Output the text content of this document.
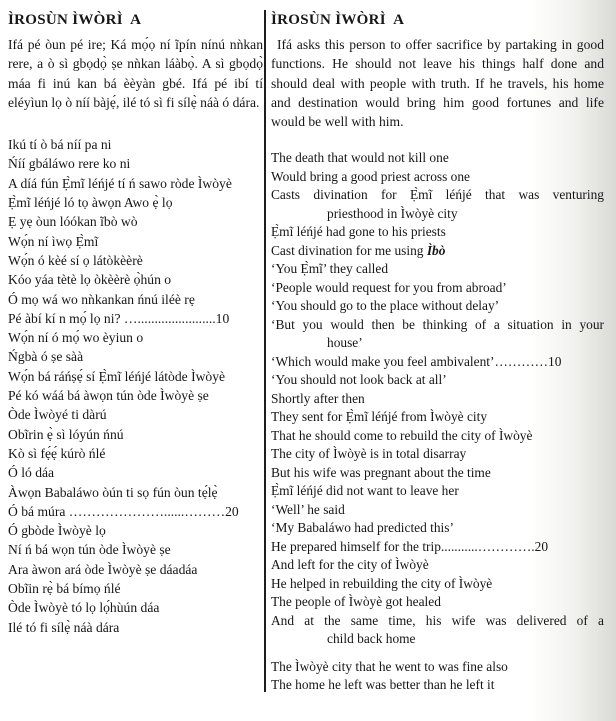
ÌROSÙN ÌWÒRÌ  A

Ifá pé òun pé ire; Ká mọ́ọ ní ĩpín nínú nǹkan rere, a ò sì gbọdọ̀ ṣe nǹkan láàbọ̀. A sì gbọdọ̀ máa fi inú kan bá èèyàn gbé. Ifá pé ibí tí eléyìun lọ ò níí bàjẹ́, ilé tó sì fi sílẹ̀ náà ó dára.

Ikú tí ò bá níí pa ni
Ńíí gbáláwo rere ko ni
A díá fún Ẹ̀mĩ léńjé tí ń sawo ròde Ìwòyè
Ẹ̀mĩ léńjé ló tọ àwọn Awo ẹ̀ lọ
Ẹ yẹ òun lóókan ĩbò wò
Wọ́n ní ìwọ Ẹ̀mĩ
Wọ́n ó kèé sí ọ látòkèèrè
Kóo yáa tètè lọ òkèèrè ọ̀hún o
Ó mọ wá wo nǹkankan ńnú iléè rẹ
Pé àbí kí n mọ́ lọ ni? ….......................10
Wọ́n ní ó mọ́ wo èyiun o
Ńgbà ó ṣe sàà
Wọ́n bá ráńṣẹ́ sí Ẹ̀mĩ léńjé látòde Ìwòyè
Pé kó wáá bá àwọn tún òde Ìwòyè ṣe
Òde Ìwòyé ti dàrú
Obĩrin ẹ̀ sì lóyún ńnú
Kò sì fẹ́ẹ́ kúrò ńlé
Ó ló dáa
Àwọn Babaláwo òún ti sọ fún òun tẹ́lẹ̀
Ó bá múra …………………......………20
Ó gbòde Ìwòyè lọ
Ní ń bá wọn tún òde Ìwòyè ṣe
Ara àwon ará òde Ìwòyè ṣe dáadáa
Obĩin rẹ̀ bá bímọ ńlé
Òde Ìwòyè tó lọ lọ́hùún dáa
Ilé tó fi sílẹ̀ náà dára
ÌROSÙN ÌWÒRÌ  A

Ifá asks this person to offer sacrifice by partaking in good functions. He should not leave his things half done and should deal with people with truth. If he travels, his home and destination would bring him good fortunes and life would be well with him.

The death that would not kill one
Would bring a good priest across one
Casts divination for Ẹ̀mĩ léńjé that was venturing
priesthood in Ìwòyè city
Ẹ̀mĩ léńjé had gone to his priests
Cast divination for me using Ìbò
‘You Ẹ̀mĩ’ they called
‘People would request for you from abroad’
‘You should go to the place without delay’
‘But you would then be thinking of a situation in your
house’
‘Which would make you feel ambivalent’…………10
‘You should not look back at all’
Shortly after then
They sent for Ẹ̀mĩ léńjé from Ìwòyè city
That he should come to rebuild the city of Ìwòyè
The city of Ìwòyè is in total disarray
But his wife was pregnant about the time
Ẹ̀mĩ léńjé did not want to leave her
‘Well’ he said
‘My Babaláwo had predicted this’
He prepared himself for the trip...........………….20
And left for the city of Ìwòyè
He helped in rebuilding the city of Ìwòyè
The people of Ìwòyè got healed
And at the same time, his wife was delivered of a
child back home
The Ìwòyè city that he went to was fine also
The home he left was better than he left it
